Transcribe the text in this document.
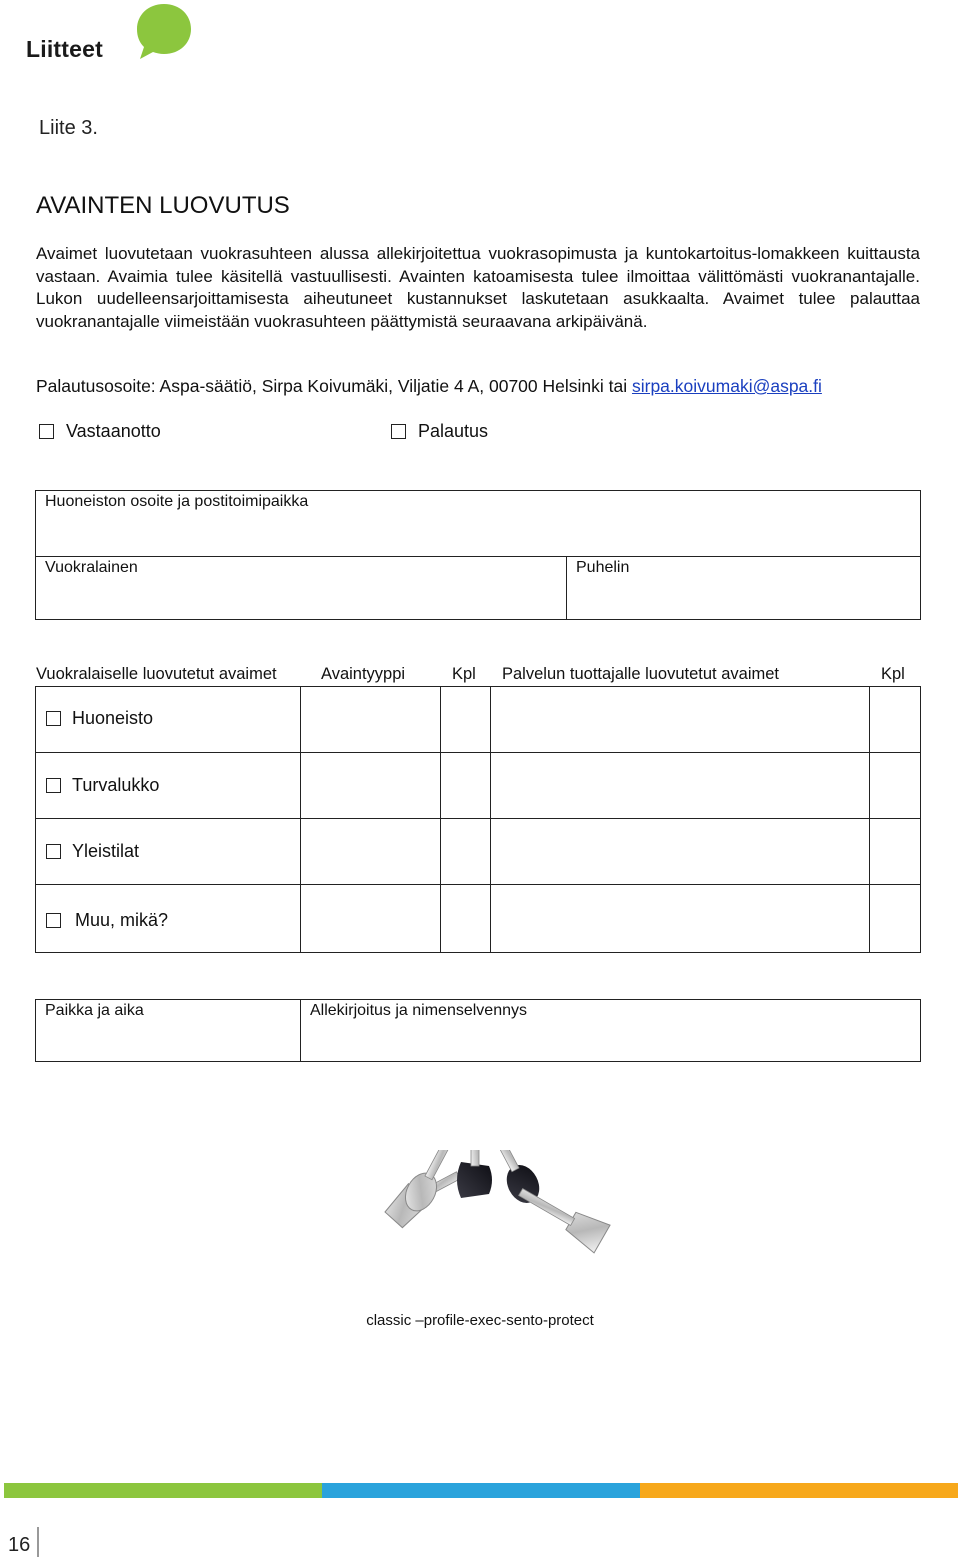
Liitteet
Liite 3.
AVAINTEN LUOVUTUS

Avaimet luovutetaan vuokrasuhteen alussa allekirjoitettua vuokrasopimusta ja kuntokartoitus-lomakkeen kuittausta vastaan. Avaimia tulee käsitellä vastuullisesti. Avainten katoamisesta tulee ilmoittaa välittömästi vuokranantajalle. Lukon uudelleensarjoittamisesta aiheutuneet kustannukset laskutetaan asukkaalta. Avaimet tulee palauttaa vuokranantajalle viimeistään vuokrasuhteen päättymistä seuraavana arkipäivänä.

Palautusosoite: Aspa-säätiö, Sirpa Koivumäki, Viljatie 4 A, 00700 Helsinki tai sirpa.koivumaki@aspa.fi
Vastaanotto	Palautus
Huoneiston osoite ja postitoimipaikka
Vuokralainen	Puhelin
Vuokralaiselle luovutetut avaimet	Avaintyyppi	Kpl Palvelun tuottajalle luovutetut avaimet	Kpl
Huoneisto
Turvalukko
Yleistilat
Muu, mikä?
Paikka ja aika	Allekirjoitus ja nimenselvennys
classic –profile-exec-sento-protect
16
